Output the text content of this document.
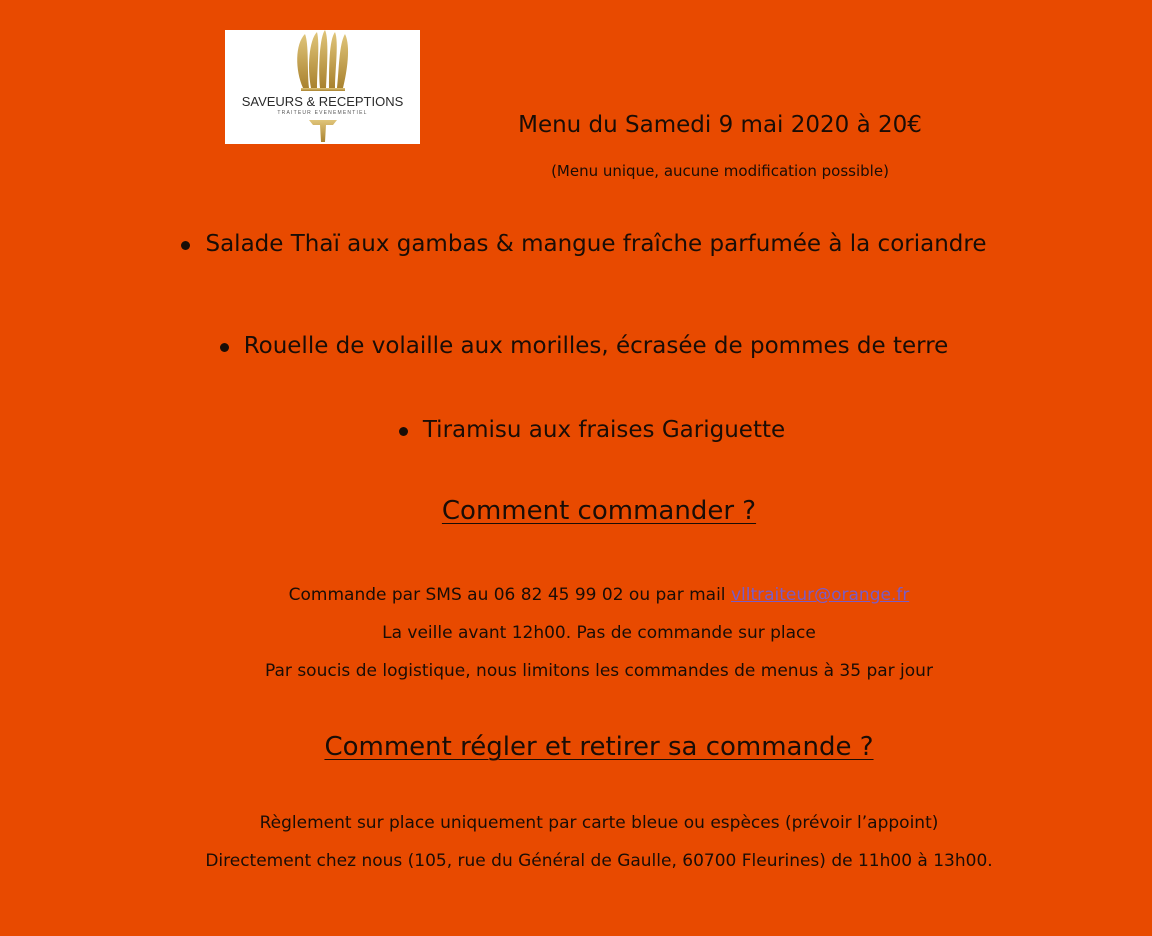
SAVEURS & RECEPTIONS
TRAITEUR EVENEMENTIEL	Menu du Samedi 9 mai 2020 à 20€
(Menu unique, aucune modification possible)
Salade Thaï aux gambas & mangue fraîche parfumée à la coriandre
Rouelle de volaille aux morilles, écrasée de pommes de terre
Tiramisu aux fraises Gariguette
Comment commander ?
Commande par SMS au 06 82 45 99 02 ou par mail vlltraiteur@orange.fr
La veille avant 12h00. Pas de commande sur place
Par soucis de logistique, nous limitons les commandes de menus à 35 par jour
Comment régler et retirer sa commande ?
Règlement sur place uniquement par carte bleue ou espèces (prévoir l’appoint)
Directement chez nous (105, rue du Général de Gaulle, 60700 Fleurines) de 11h00 à 13h00.
